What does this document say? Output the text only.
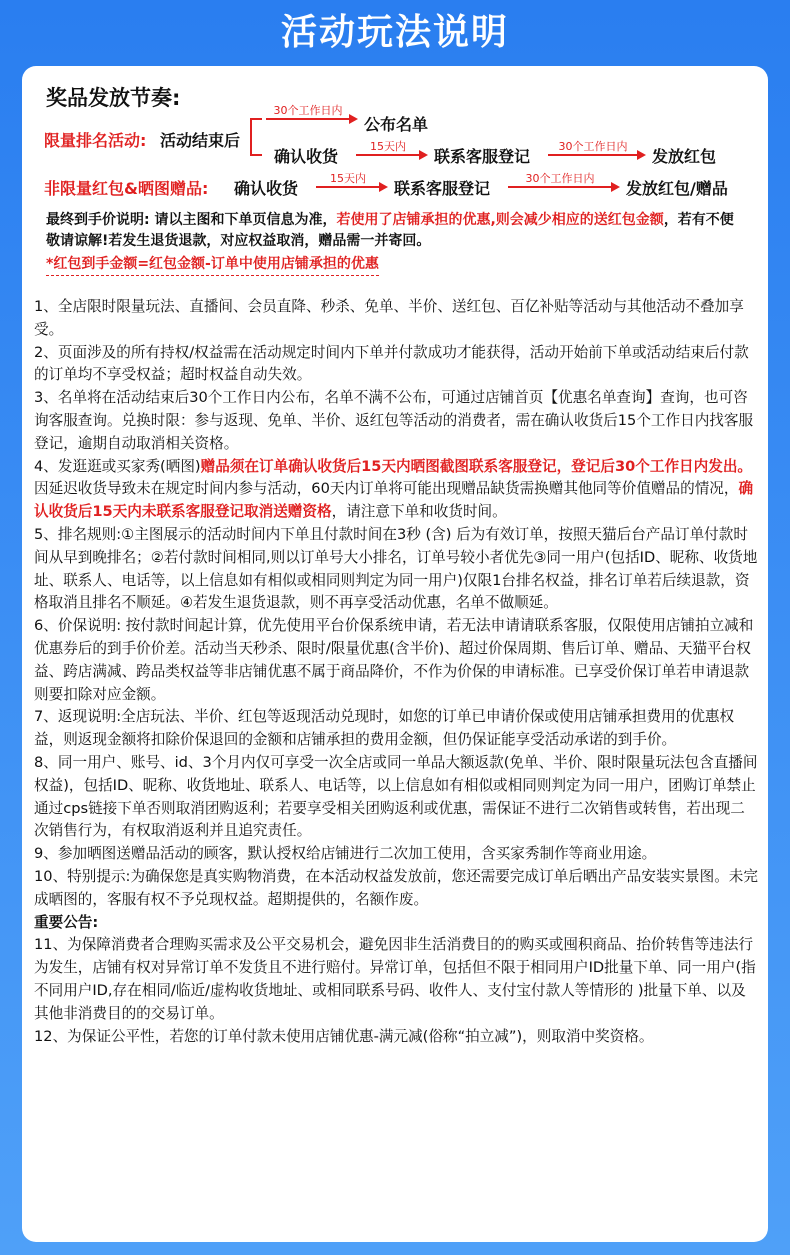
活动玩法说明
奖品发放节奏:
限量排名活动: 活动结束后
30个工作日内
公布名单
确认收货
15天内
联系客服登记
30个工作日内
发放红包
非限量红包&晒图赠品: 确认收货
15天内
联系客服登记
30个工作日内
发放红包/赠品
最终到手价说明: 请以主图和下单页信息为准，若使用了店铺承担的优惠,则会减少相应的送红包金额，若有不便敬请谅解!若发生退货退款，对应权益取消，赠品需一并寄回。
*红包到手金额=红包金额-订单中使用店铺承担的优惠

1、全店限时限量玩法、直播间、会员直降、秒杀、免单、半价、送红包、百亿补贴等活动与其他活动不叠加享受。

2、页面涉及的所有持权/权益需在活动规定时间内下单并付款成功才能获得，活动开始前下单或活动结束后付款的订单均不享受权益；超时权益自动失效。

3、名单将在活动结束后30个工作日内公布，名单不满不公布，可通过店铺首页【优惠名单查询】查询，也可咨询客服查询。兑换时限：参与返现、免单、半价、返红包等活动的消费者，需在确认收货后15个工作日内找客服登记，逾期自动取消相关资格。

4、发逛逛或买家秀(晒图)赠品须在订单确认收货后15天内晒图截图联系客服登记，登记后30个工作日内发出。因延迟收货导致未在规定时间内参与活动，60天内订单将可能出现赠品缺货需换赠其他同等价值赠品的情况，确认收货后15天内未联系客服登记取消送赠资格，请注意下单和收货时间。

5、排名规则:①主图展示的活动时间内下单且付款时间在3秒 (含) 后为有效订单，按照天猫后台产品订单付款时间从早到晚排名；②若付款时间相同,则以订单号大小排名，订单号较小者优先③同一用户(包括ID、昵称、收货地址、联系人、电话等，以上信息如有相似或相同则判定为同一用户)仅限1台排名权益，排名订单若后续退款，资格取消且排名不顺延。④若发生退货退款，则不再享受活动优惠，名单不做顺延。

6、价保说明: 按付款时间起计算，优先使用平台价保系统申请，若无法申请请联系客服，仅限使用店铺拍立减和优惠券后的到手价价差。活动当天秒杀、限时/限量优惠(含半价)、超过价保周期、售后订单、赠品、天猫平台权益、跨店满减、跨品类权益等非店铺优惠不属于商品降价，不作为价保的申请标准。已享受价保订单若申请退款则要扣除对应金额。

7、返现说明:全店玩法、半价、红包等返现活动兑现时，如您的订单已申请价保或使用店铺承担费用的优惠权益，则返现金额将扣除价保退回的金额和店铺承担的费用金额，但仍保证能享受活动承诺的到手价。

8、同一用户、账号、id、3个月内仅可享受一次全店或同一单品大额返款(免单、半价、限时限量玩法包含直播间权益)，包括ID、昵称、收货地址、联系人、电话等，以上信息如有相似或相同则判定为同一用户，团购订单禁止通过cps链接下单否则取消团购返利；若要享受相关团购返利或优惠，需保证不进行二次销售或转售，若出现二次销售行为，有权取消返利并且追究责任。

9、参加晒图送赠品活动的顾客，默认授权给店铺进行二次加工使用，含买家秀制作等商业用途。

10、特别提示:为确保您是真实购物消费，在本活动权益发放前，您还需要完成订单后晒出产品安装实景图。未完成晒图的，客服有权不予兑现权益。超期提供的，名额作废。

重要公告:

11、为保障消费者合理购买需求及公平交易机会，避免因非生活消费目的的购买或囤积商品、抬价转售等违法行为发生，店铺有权对异常订单不发货且不进行赔付。异常订单，包括但不限于相同用户ID批量下单、同一用户(指不同用户ID,存在相同/临近/虚构收货地址、或相同联系号码、收件人、支付宝付款人等情形的 )批量下单、以及其他非消费目的的交易订单。

12、为保证公平性，若您的订单付款未使用店铺优惠-满元减(俗称“拍立减”)，则取消中奖资格。
